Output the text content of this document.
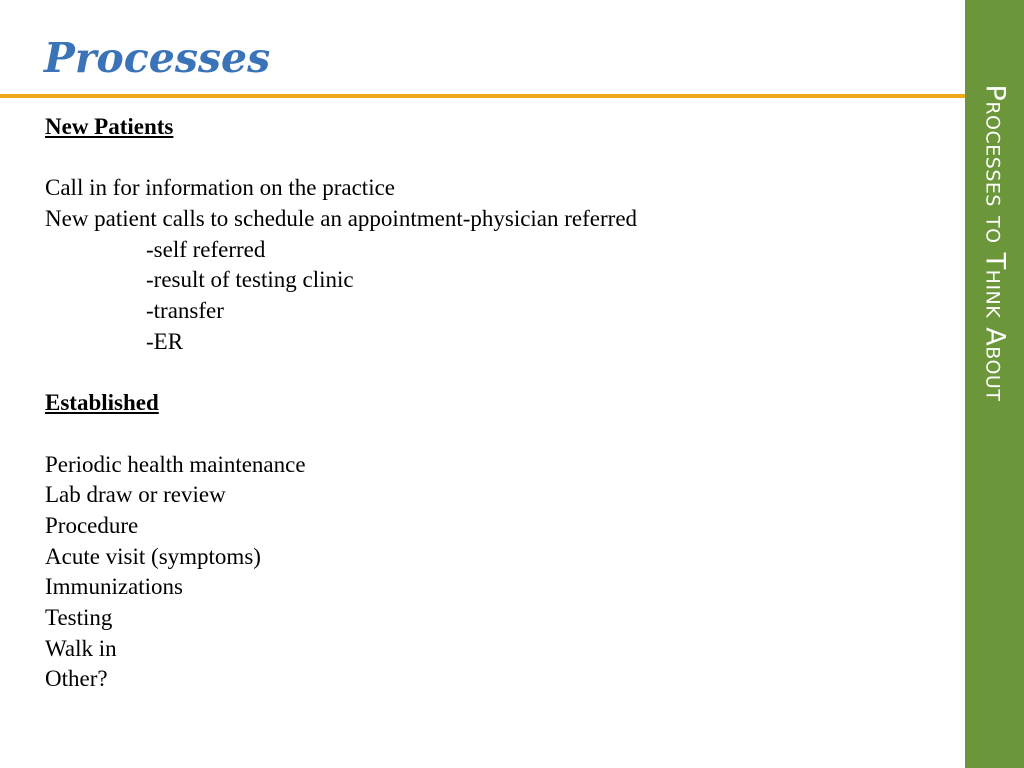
Processes
Processes to Think About
New Patients
Call in for information on the practice
New patient calls to schedule an appointment-physician referred
-self referred
-result of testing clinic
-transfer
-ER
Established
Periodic health maintenance
Lab draw or review
Procedure
Acute visit (symptoms)
Immunizations
Testing
Walk in
Other?
